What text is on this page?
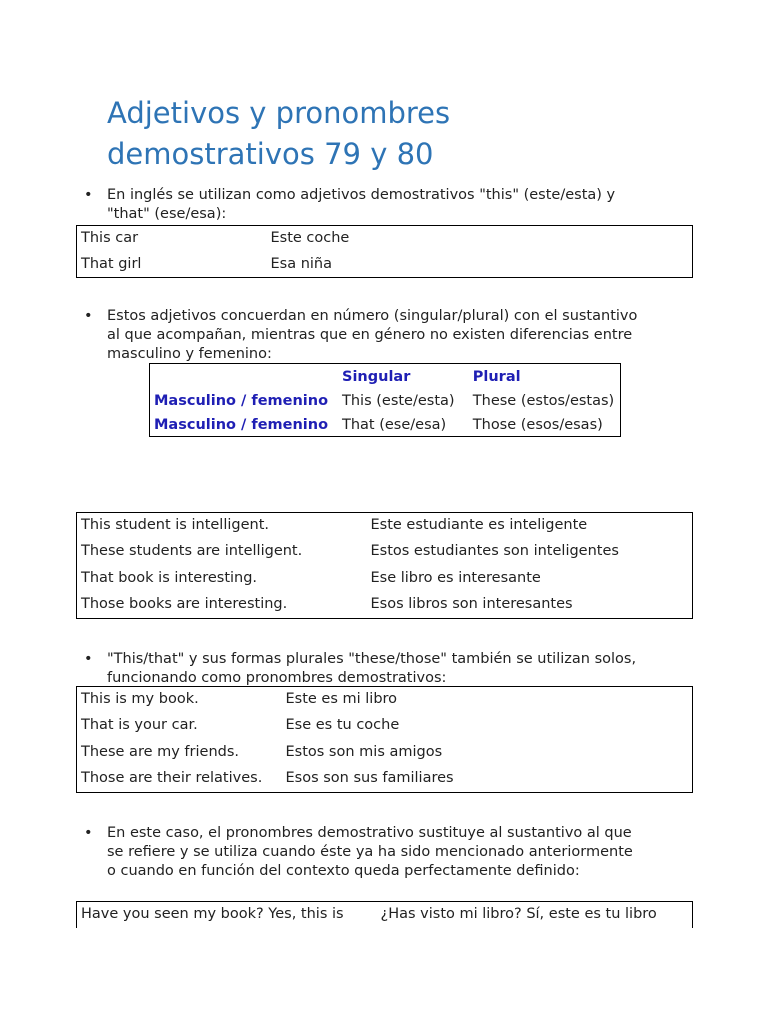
Adjetivos y pronombres
demostrativos 79 y 80
• En inglés se utilizan como adjetivos demostrativos "this" (este/esta) y "that" (ese/esa):
This car	Este coche
That girl	Esa niña
• Estos adjetivos concuerdan en número (singular/plural) con el sustantivo al que acompañan, mientras que en género no existen diferencias entre masculino y femenino:
	Singular	Plural
Masculino / femenino	This (este/esta)	These (estos/estas)
Masculino / femenino	That (ese/esa)	Those (esos/esas)
This student is intelligent.	Este estudiante es inteligente
These students are intelligent.	Estos estudiantes son inteligentes
That book is interesting.	Ese libro es interesante
Those books are interesting.	Esos libros son interesantes
• "This/that" y sus formas plurales "these/those" también se utilizan solos, funcionando como pronombres demostrativos:
This is my book.	Este es mi libro
That is your car.	Ese es tu coche
These are my friends.	Estos son mis amigos
Those are their relatives.	Esos son sus familiares
• En este caso, el pronombres demostrativo sustituye al sustantivo al que se refiere y se utiliza cuando éste ya ha sido mencionado anteriormente o cuando en función del contexto queda perfectamente definido:
Have you seen my book? Yes, this is	¿Has visto mi libro? Sí, este es tu libro
